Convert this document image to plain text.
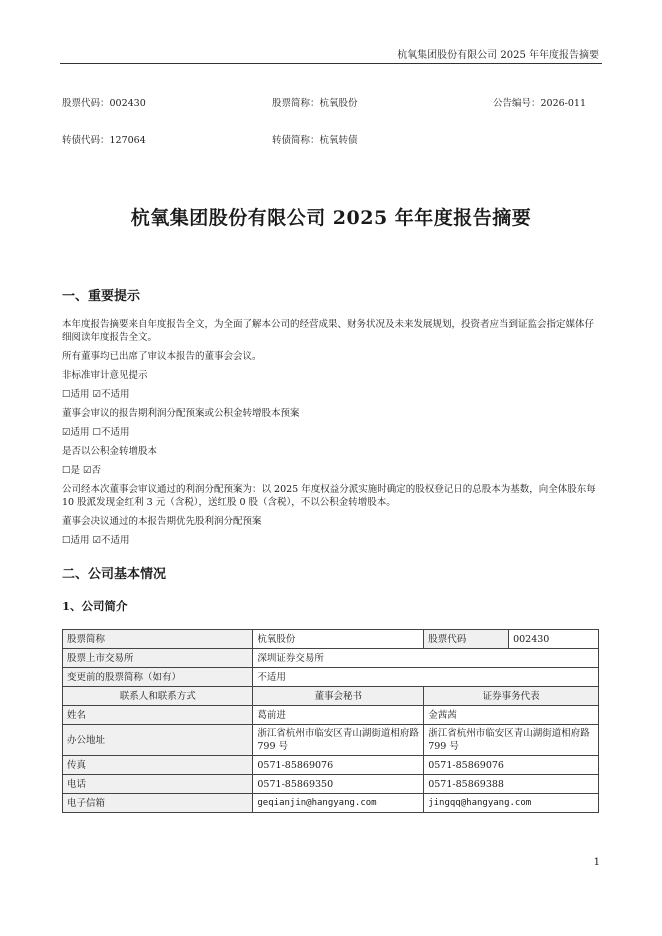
杭氧集团股份有限公司 2025 年年度报告摘要
股票代码：002430	股票简称：杭氧股份	公告编号：2026-011
转债代码：127064	转债简称：杭氧转债
杭氧集团股份有限公司 2025 年年度报告摘要
一、重要提示

本年度报告摘要来自年度报告全文，为全面了解本公司的经营成果、财务状况及未来发展规划，投资者应当到证监会指定媒体仔细阅读年度报告全文。

所有董事均已出席了审议本报告的董事会会议。

非标准审计意见提示

☐适用 ☑不适用

董事会审议的报告期利润分配预案或公积金转增股本预案

☑适用 ☐不适用

是否以公积金转增股本

☐是 ☑否

公司经本次董事会审议通过的利润分配预案为：以 2025 年度权益分派实施时确定的股权登记日的总股本为基数，向全体股东每 10 股派发现金红利 3 元（含税），送红股 0 股（含税），不以公积金转增股本。

董事会决议通过的本报告期优先股利润分配预案

☐适用 ☑不适用

二、公司基本情况
1、公司简介
股票简称	杭氧股份	股票代码	002430
股票上市交易所	深圳证券交易所		
变更前的股票简称（如有）	不适用		
联系人和联系方式	董事会秘书	证券事务代表	
姓名	葛前进	金茜茜	
办公地址	浙江省杭州市临安区青山湖街道相府路 799 号	浙江省杭州市临安区青山湖街道相府路 799 号	
传真	0571-85869076	0571-85869076	
电话	0571-85869350	0571-85869388	
电子信箱	geqianjin@hangyang.com	jingqq@hangyang.com	
1
